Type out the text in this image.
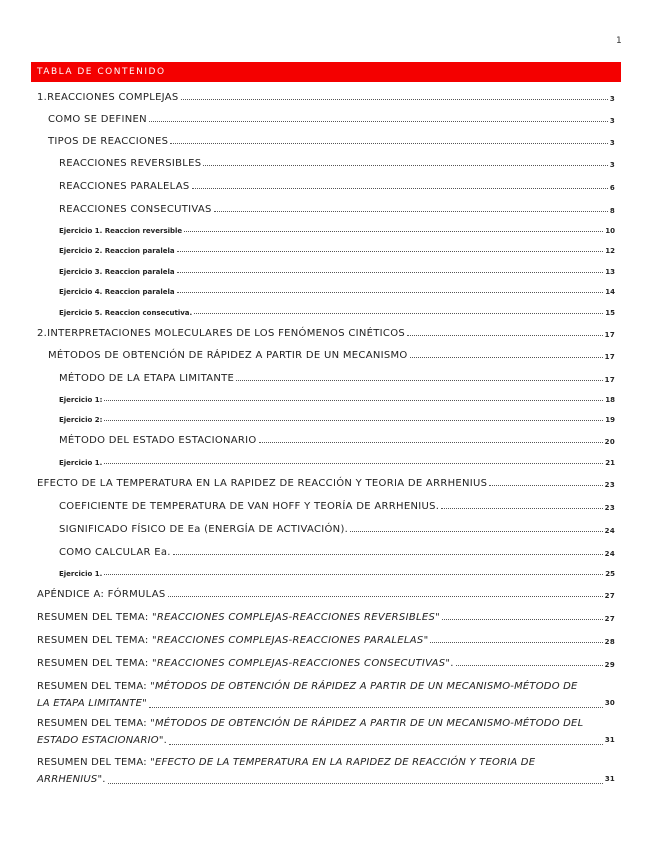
1
TABLA DE CONTENIDO
1.REACCIONES COMPLEJAS	3
COMO SE DEFINEN	3
TIPOS DE REACCIONES	3
REACCIONES REVERSIBLES	3
REACCIONES PARALELAS	6
REACCIONES CONSECUTIVAS	8
Ejercicio 1. Reaccion reversible	10
Ejercicio 2. Reaccion paralela	12
Ejercicio 3. Reaccion paralela	13
Ejercicio 4. Reaccion paralela	14
Ejercicio 5. Reaccion consecutiva.	15
2.INTERPRETACIONES MOLECULARES DE LOS FENÓMENOS CINÉTICOS	17
MÉTODOS DE OBTENCIÓN DE RÁPIDEZ A PARTIR DE UN MECANISMO	17
MÉTODO DE LA ETAPA LIMITANTE	17
Ejercicio 1:	18
Ejercicio 2:	19
MÉTODO DEL ESTADO ESTACIONARIO	20
Ejercicio 1.	21
EFECTO DE LA TEMPERATURA EN LA RAPIDEZ DE REACCIÓN Y TEORIA DE ARRHENIUS	23
COEFICIENTE DE TEMPERATURA DE VAN HOFF Y TEORÍA DE ARRHENIUS.	23
SIGNIFICADO FÍSICO DE Ea (ENERGÍA DE ACTIVACIÓN).	24
COMO CALCULAR Ea.	24
Ejercicio 1.	25
APÉNDICE A: FÓRMULAS	27
RESUMEN DEL TEMA: "REACCIONES COMPLEJAS-REACCIONES REVERSIBLES"	27
RESUMEN DEL TEMA: "REACCIONES COMPLEJAS-REACCIONES PARALELAS"	28
RESUMEN DEL TEMA: "REACCIONES COMPLEJAS-REACCIONES CONSECUTIVAS".	29
RESUMEN DEL TEMA: "MÉTODOS DE OBTENCIÓN DE RÁPIDEZ A PARTIR DE UN MECANISMO-MÉTODO DE
LA ETAPA LIMITANTE"	30
RESUMEN DEL TEMA: "MÉTODOS DE OBTENCIÓN DE RÁPIDEZ A PARTIR DE UN MECANISMO-MÉTODO DEL
ESTADO ESTACIONARIO".	31
RESUMEN DEL TEMA: "EFECTO DE LA TEMPERATURA EN LA RAPIDEZ DE REACCIÓN Y TEORIA DE
ARRHENIUS".	31
